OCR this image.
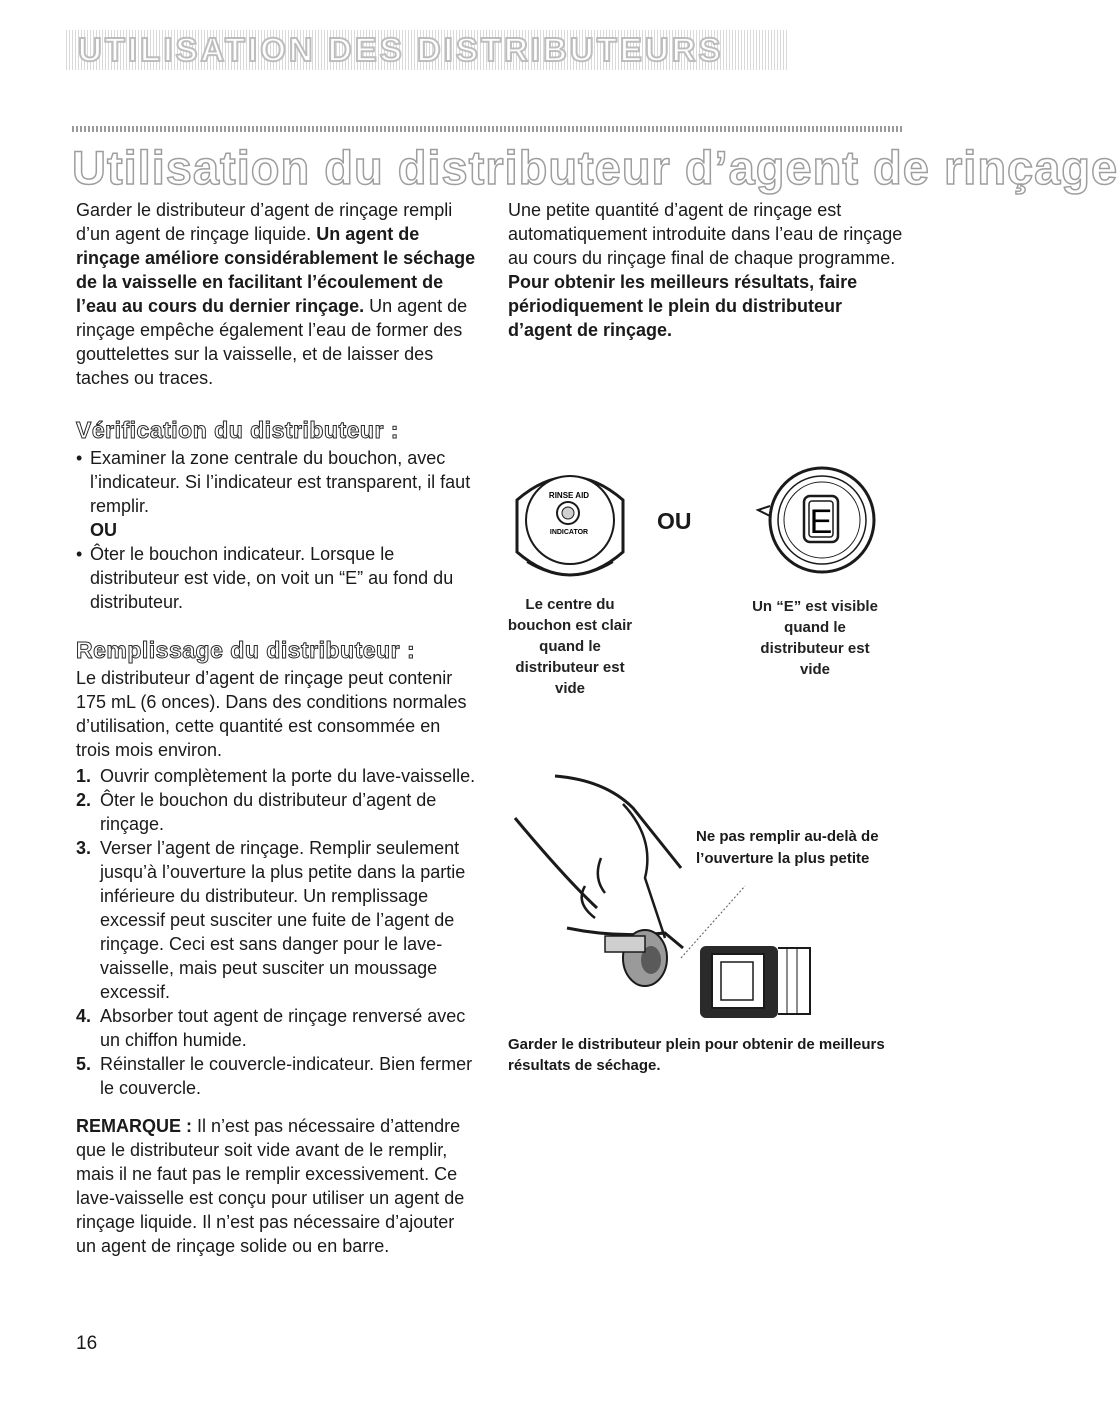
UTILISATION DES DISTRIBUTEURS
Utilisation du distributeur d’agent de rinçage

Garder le distributeur d’agent de rinçage rempli d’un agent de rinçage liquide. Un agent de rinçage améliore considérablement le séchage de la vaisselle en facilitant l’écoulement de l’eau au cours du dernier rinçage. Un agent de rinçage empêche également l’eau de former des gouttelettes sur la vaisselle, et de laisser des taches ou traces.

Vérification du distributeur :
• Examiner la zone centrale du bouchon, avec l’indicateur. Si l’indicateur est transparent, il faut remplir.
OU
• Ôter le bouchon indicateur. Lorsque le distributeur est vide, on voit un “E” au fond du distributeur.
Remplissage du distributeur :

Le distributeur d’agent de rinçage peut contenir 175 mL (6 onces). Dans des conditions normales d’utilisation, cette quantité est consommée en trois mois environ.

1. Ouvrir complètement la porte du lave-vaisselle.
2. Ôter le bouchon du distributeur d’agent de rinçage.
3. Verser l’agent de rinçage. Remplir seulement jusqu’à l’ouverture la plus petite dans la partie inférieure du distributeur. Un remplissage excessif peut susciter une fuite de l’agent de rinçage. Ceci est sans danger pour le lave-vaisselle, mais peut susciter un moussage excessif.
4. Absorber tout agent de rinçage renversé avec un chiffon humide.
5. Réinstaller le couvercle-indicateur. Bien fermer le couvercle.

REMARQUE : Il n’est pas nécessaire d’attendre que le distributeur soit vide avant de le remplir, mais il ne faut pas le remplir excessivement. Ce lave-vaisselle est conçu pour utiliser un agent de rinçage liquide. Il n’est pas nécessaire d’ajouter un agent de rinçage solide ou en barre.

Une petite quantité d’agent de rinçage est automatiquement introduite dans l’eau de rinçage au cours du rinçage final de chaque programme. Pour obtenir les meilleurs résultats, faire périodiquement le plein du distributeur d’agent de rinçage.

RINSE AID
INDICATOR	OU	E
Le centre du bouchon est clair quand le distributeur est vide
Un “E” est visible quand le distributeur est vide
Ne pas remplir au-delà de l’ouverture la plus petite
Garder le distributeur plein pour obtenir de meilleurs résultats de séchage.
16
